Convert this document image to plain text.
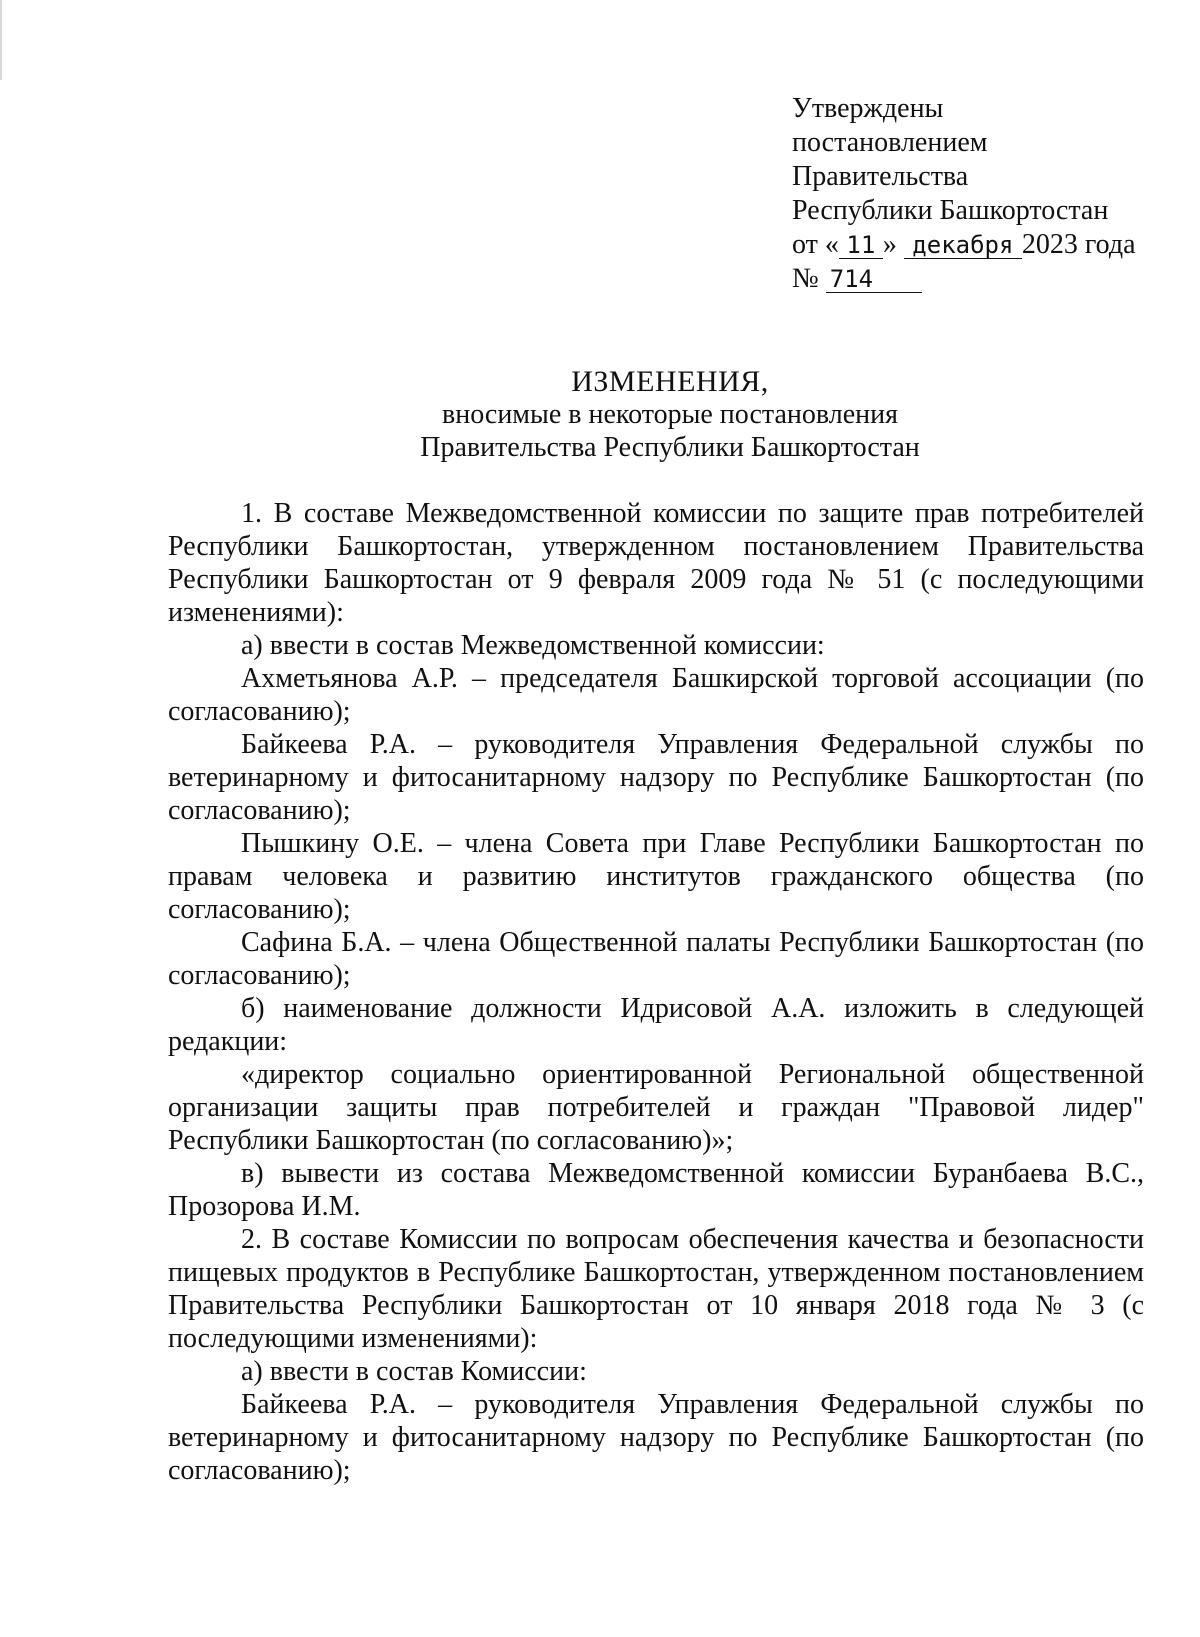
Утверждены
постановлением
Правительства
Республики Башкортостан
от « 11 » декабря 2023 года
№ 714
ИЗМЕНЕНИЯ,
вносимые в некоторые постановления
Правительства Республики Башкортостан

1. В составе Межведомственной комиссии по защите прав потребителей Республики Башкортостан, утвержденном постановлением Правительства Республики Башкортостан от 9 февраля 2009 года № 51 (с последующими изменениями):

а) ввести в состав Межведомственной комиссии:

Ахметьянова А.Р. – председателя Башкирской торговой ассоциации (по согласованию);

Байкеева Р.А. – руководителя Управления Федеральной службы по ветеринарному и фитосанитарному надзору по Республике Башкортостан (по согласованию);

Пышкину О.Е. – члена Совета при Главе Республики Башкортостан по правам человека и развитию институтов гражданского общества (по согласованию);

Сафина Б.А. – члена Общественной палаты Республики Башкортостан (по согласованию);

б) наименование должности Идрисовой А.А. изложить в следующей редакции:

«директор социально ориентированной Региональной общественной организации защиты прав потребителей и граждан "Правовой лидер" Республики Башкортостан (по согласованию)»;

в) вывести из состава Межведомственной комиссии Буранбаева В.С., Прозорова И.М.

2. В составе Комиссии по вопросам обеспечения качества и безопасности пищевых продуктов в Республике Башкортостан, утвержденном постановлением Правительства Республики Башкортостан от 10 января 2018 года № 3 (с последующими изменениями):

а) ввести в состав Комиссии:

Байкеева Р.А. – руководителя Управления Федеральной службы по ветеринарному и фитосанитарному надзору по Республике Башкортостан (по согласованию);
